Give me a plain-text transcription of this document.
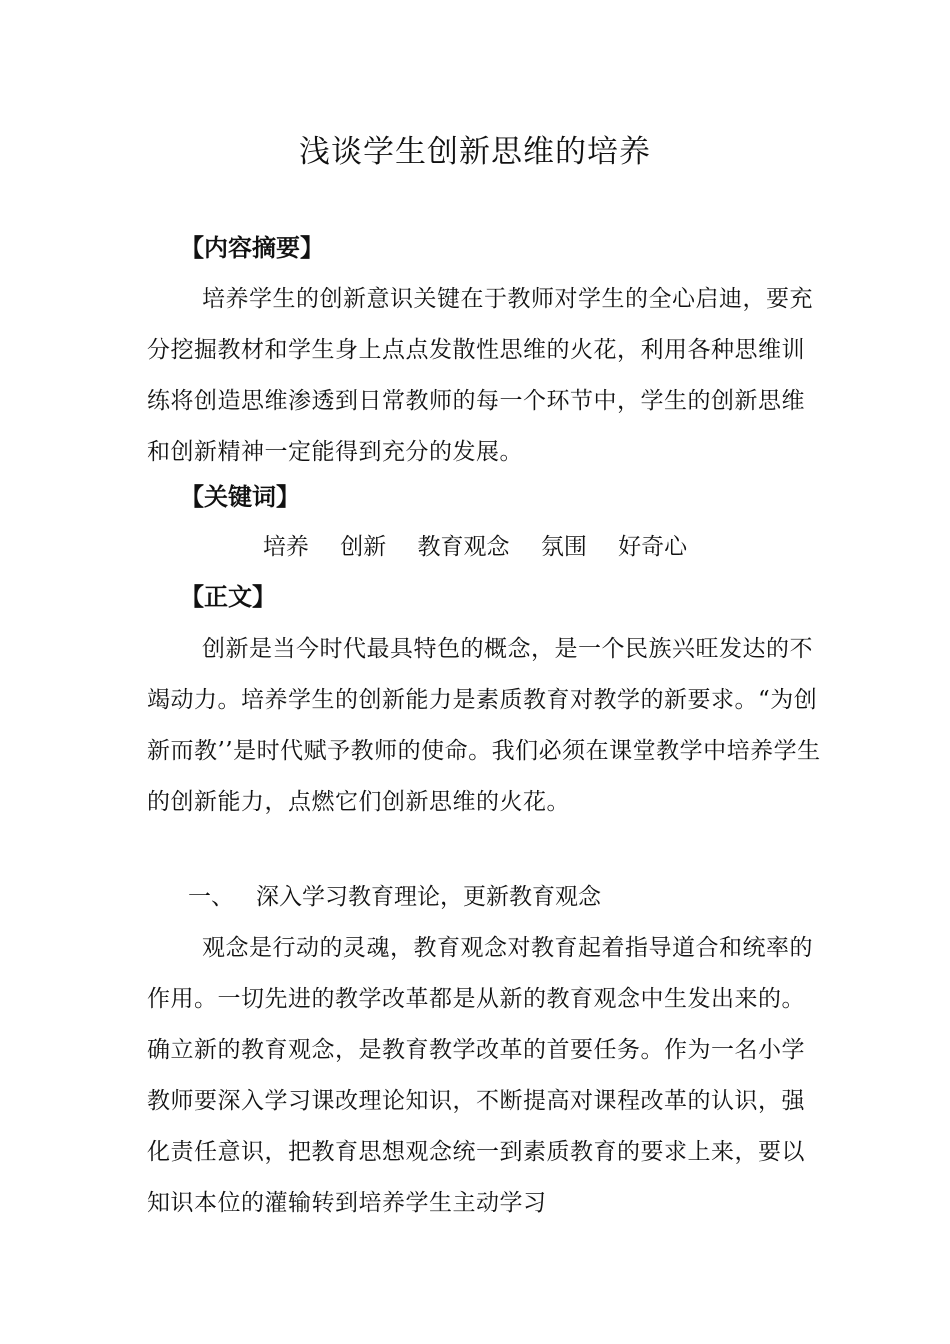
浅谈学生创新思维的培养
【内容摘要】
培养学生的创新意识关键在于教师对学生的全心启迪，要充分挖掘教材和学生身上点点发散性思维的火花，利用各种思维训练将创造思维渗透到日常教师的每一个环节中，学生的创新思维和创新精神一定能得到充分的发展。
【关键词】
培养 创新 教育观念 氛围 好奇心
【正文】
创新是当今时代最具特色的概念，是一个民族兴旺发达的不竭动力。培养学生的创新能力是素质教育对教学的新要求。“为创新而教’’是时代赋予教师的使命。我们必须在课堂教学中培养学生的创新能力，点燃它们创新思维的火花。
一、 深入学习教育理论，更新教育观念
观念是行动的灵魂，教育观念对教育起着指导道合和统率的作用。一切先进的教学改革都是从新的教育观念中生发出来的。确立新的教育观念，是教育教学改革的首要任务。作为一名小学教师要深入学习课改理论知识，不断提高对课程改革的认识，强化责任意识，把教育思想观念统一到素质教育的要求上来，要以知识本位的灌输转到培养学生主动学习
